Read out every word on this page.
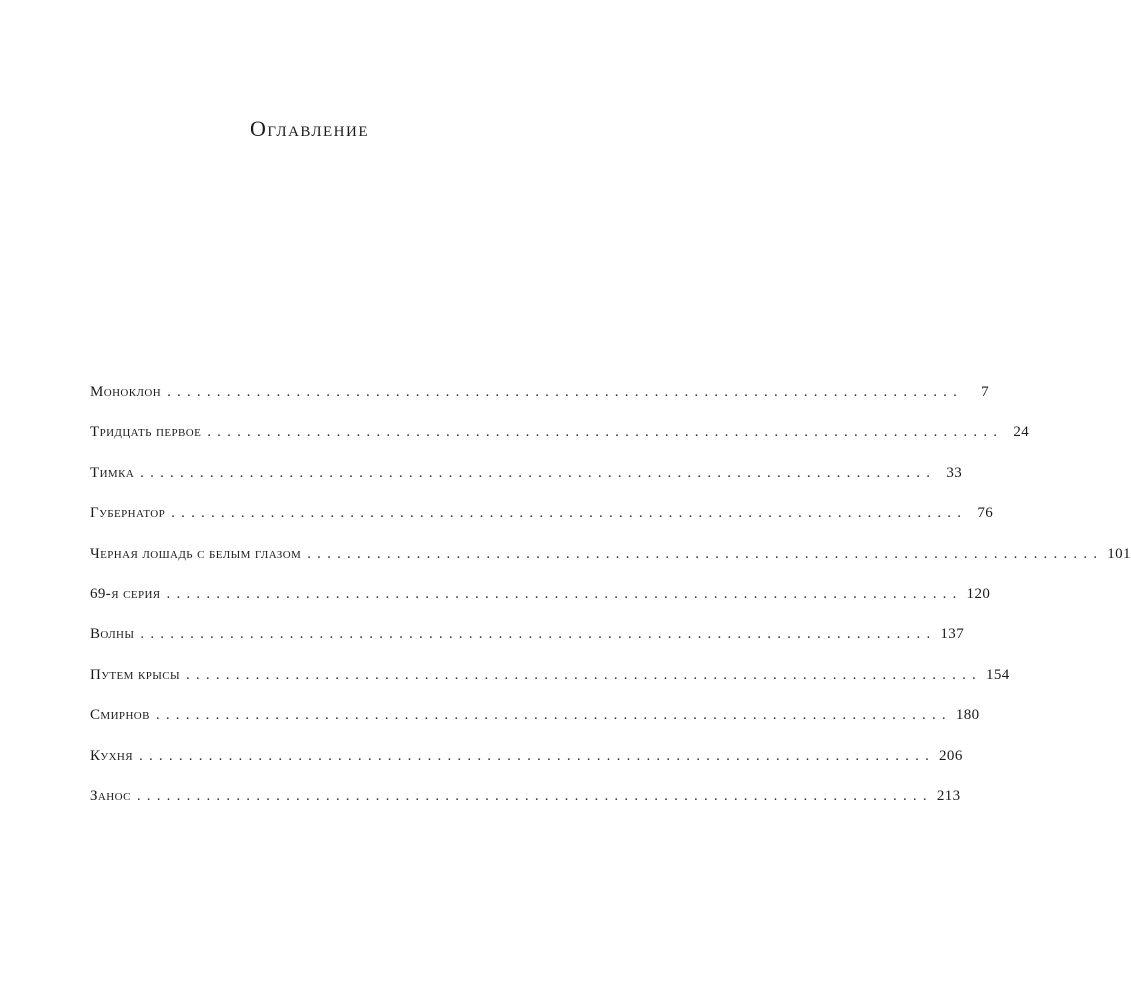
Оглавление
Моноклон ................................................................................	7
Тридцать первое ................................................................................ 24
Тимка ................................................................................ 33
Губернатор ................................................................................ 76
Черная лошадь с белым глазом ................................................................................ 101
69-я серия ................................................................................ 120
Волны ................................................................................ 137
Путем крысы ................................................................................ 154
Смирнов ................................................................................ 180
Кухня ................................................................................ 206
Занос ................................................................................ 213
